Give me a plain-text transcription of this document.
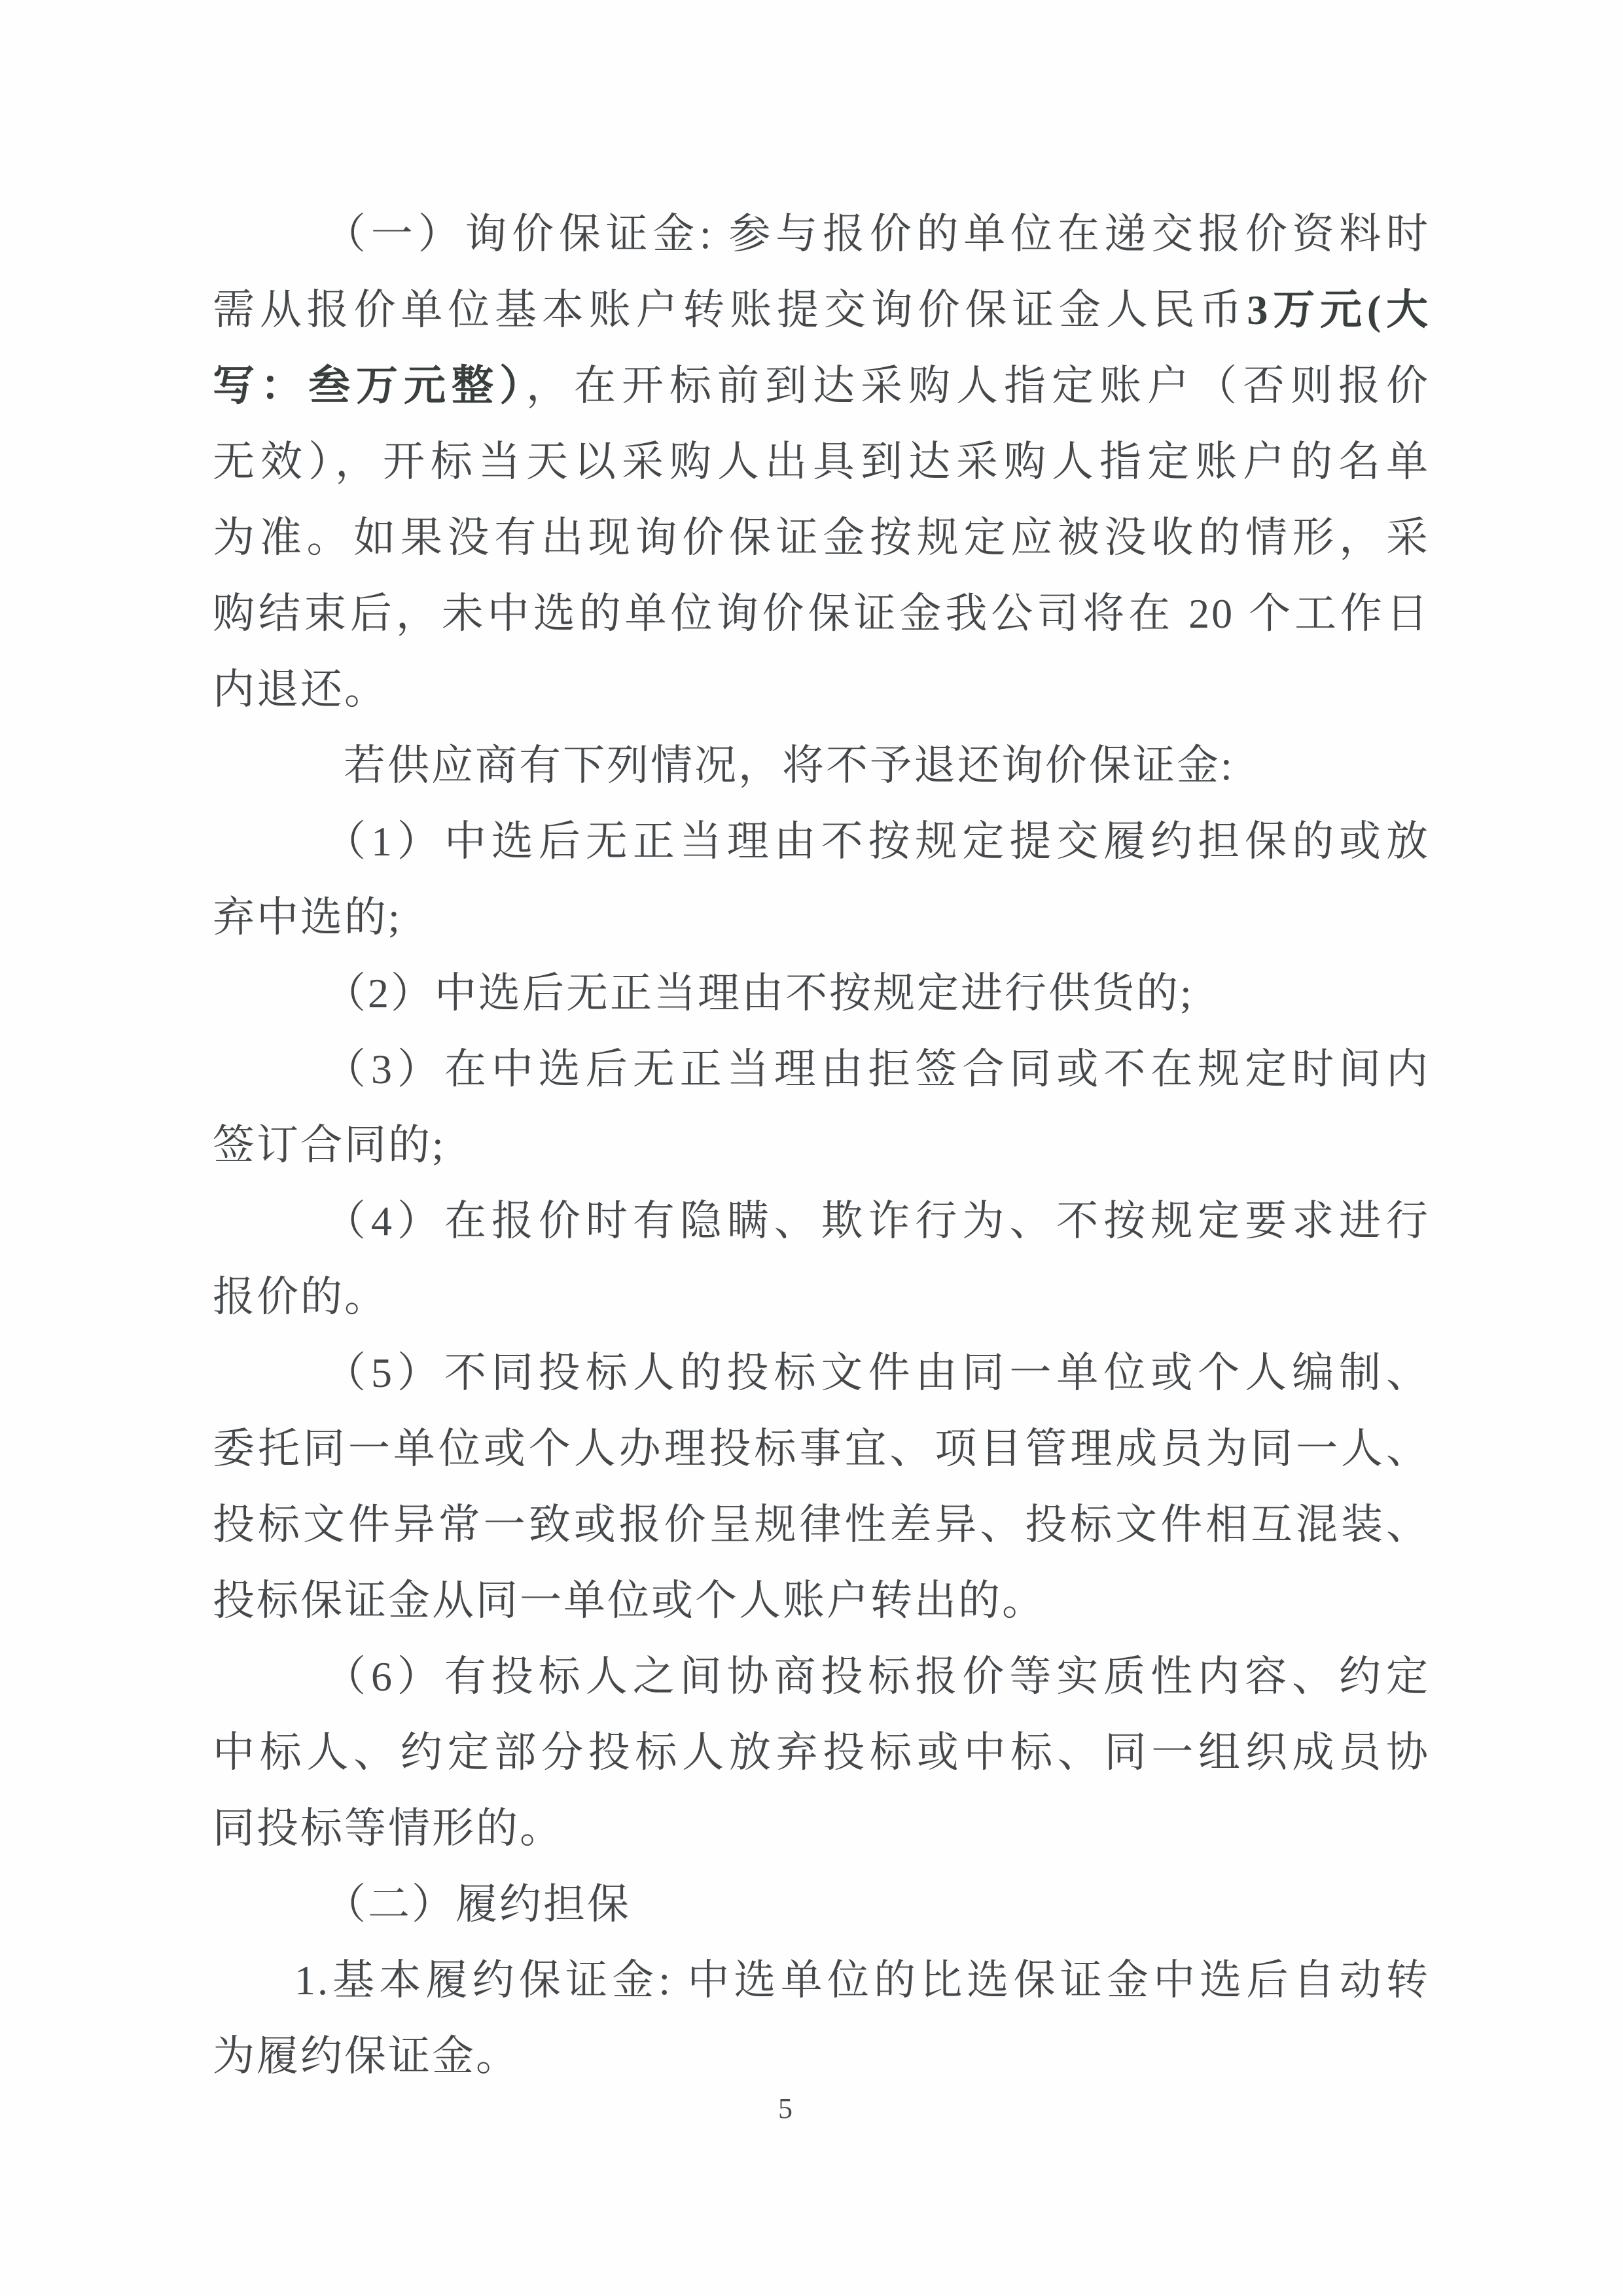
（一）询价保证金: 参与报价的单位在递交报价资料时
需从报价单位基本账户转账提交询价保证金人民币3万元(大
写：叁万元整），在开标前到达采购人指定账户（否则报价
无效），开标当天以采购人出具到达采购人指定账户的名单
为准。如果没有出现询价保证金按规定应被没收的情形，采
购结束后，未中选的单位询价保证金我公司将在 20 个工作日
内退还。
若供应商有下列情况，将不予退还询价保证金:
（1）中选后无正当理由不按规定提交履约担保的或放
弃中选的;
（2）中选后无正当理由不按规定进行供货的;
（3）在中选后无正当理由拒签合同或不在规定时间内
签订合同的;
（4）在报价时有隐瞒、欺诈行为、不按规定要求进行
报价的。
（5）不同投标人的投标文件由同一单位或个人编制、
委托同一单位或个人办理投标事宜、项目管理成员为同一人、
投标文件异常一致或报价呈规律性差异、投标文件相互混装、
投标保证金从同一单位或个人账户转出的。
（6）有投标人之间协商投标报价等实质性内容、约定
中标人、约定部分投标人放弃投标或中标、同一组织成员协
同投标等情形的。
（二）履约担保
1.基本履约保证金: 中选单位的比选保证金中选后自动转
为履约保证金。
5
